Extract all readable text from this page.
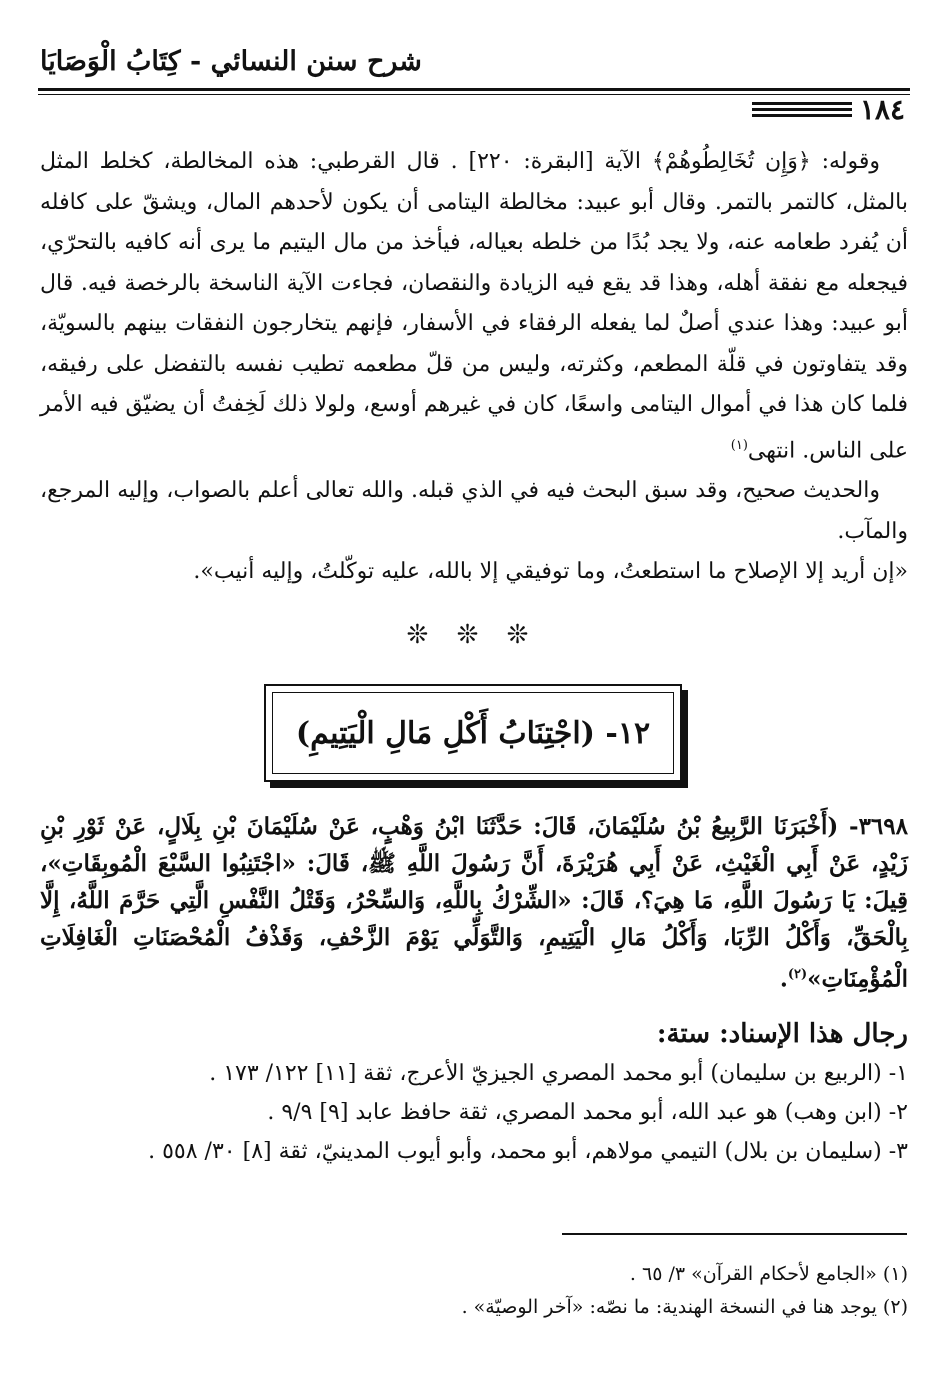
شرح سنن النسائي - كِتَابُ الْوَصَايَا
١٨٤

وقوله: ﴿وَإِن تُخَالِطُوهُمْ﴾ الآية [البقرة: ٢٢٠] . قال القرطبي: هذه المخالطة، كخلط المثل بالمثل، كالتمر بالتمر. وقال أبو عبيد: مخالطة اليتامى أن يكون لأحدهم المال، ويشقّ على كافله أن يُفرد طعامه عنه، ولا يجد بُدًا من خلطه بعياله، فيأخذ من مال اليتيم ما يرى أنه كافيه بالتحرّي، فيجعله مع نفقة أهله، وهذا قد يقع فيه الزيادة والنقصان، فجاءت الآية الناسخة بالرخصة فيه. قال أبو عبيد: وهذا عندي أصلٌ لما يفعله الرفقاء في الأسفار، فإنهم يتخارجون النفقات بينهم بالسويّة، وقد يتفاوتون في قلّة المطعم، وكثرته، وليس من قلّ مطعمه تطيب نفسه بالتفضل على رفيقه، فلما كان هذا في أموال اليتامى واسعًا، كان في غيرهم أوسع، ولولا ذلك لَخِفتُ أن يضيّق فيه الأمر على الناس. انتهى$^{(١)}$

والحديث صحيح، وقد سبق البحث فيه في الذي قبله. والله تعالى أعلم بالصواب، وإليه المرجع، والمآب.

«إن أريد إلا الإصلاح ما استطعتُ، وما توفيقي إلا بالله، عليه توكّلتُ، وإليه أنيب».

❊ ❊ ❊
١٢- (اجْتِنَابُ أَكْلِ مَالِ الْيَتِيمِ)

٣٦٩٨- (أَخْبَرَنَا الرَّبِيعُ بْنُ سُلَيْمَانَ، قَالَ: حَدَّثَنَا ابْنُ وَهْبٍ، عَنْ سُلَيْمَانَ بْنِ بِلَالٍ، عَنْ ثَوْرِ بْنِ زَيْدٍ، عَنْ أَبِي الْغَيْثِ، عَنْ أَبِي هُرَيْرَةَ، أَنَّ رَسُولَ اللَّهِ ﷺ، قَالَ: «اجْتَنِبُوا السَّبْعَ الْمُوبِقَاتِ»، قِيلَ: يَا رَسُولَ اللَّهِ، مَا هِيَ؟، قَالَ: «الشِّرْكُ بِاللَّهِ، وَالسِّحْرُ، وَقَتْلُ النَّفْسِ الَّتِي حَرَّمَ اللَّهُ، إِلَّا بِالْحَقِّ، وَأَكْلُ الرِّبَا، وَأَكْلُ مَالِ الْيَتِيمِ، وَالتَّوَلِّي يَوْمَ الزَّحْفِ، وَقَذْفُ الْمُحْصَنَاتِ الْغَافِلَاتِ الْمُؤْمِنَاتِ»$^{(٢)}$.

رجال هذا الإسناد: ستة:

١- (الربيع بن سليمان) أبو محمد المصري الجيزيّ الأعرج، ثقة [١١] ١٢٢/ ١٧٣ .

٢- (ابن وهب) هو عبد الله، أبو محمد المصري، ثقة حافظ عابد [٩] ٩/٩ .

٣- (سليمان بن بلال) التيمي مولاهم، أبو محمد، وأبو أيوب المدينيّ، ثقة [٨] ٣٠/ ٥٥٨ .

(١) «الجامع لأحكام القرآن» ٣/ ٦٥ .

(٢) يوجد هنا في النسخة الهندية: ما نصّه: «آخر الوصيّة» .
